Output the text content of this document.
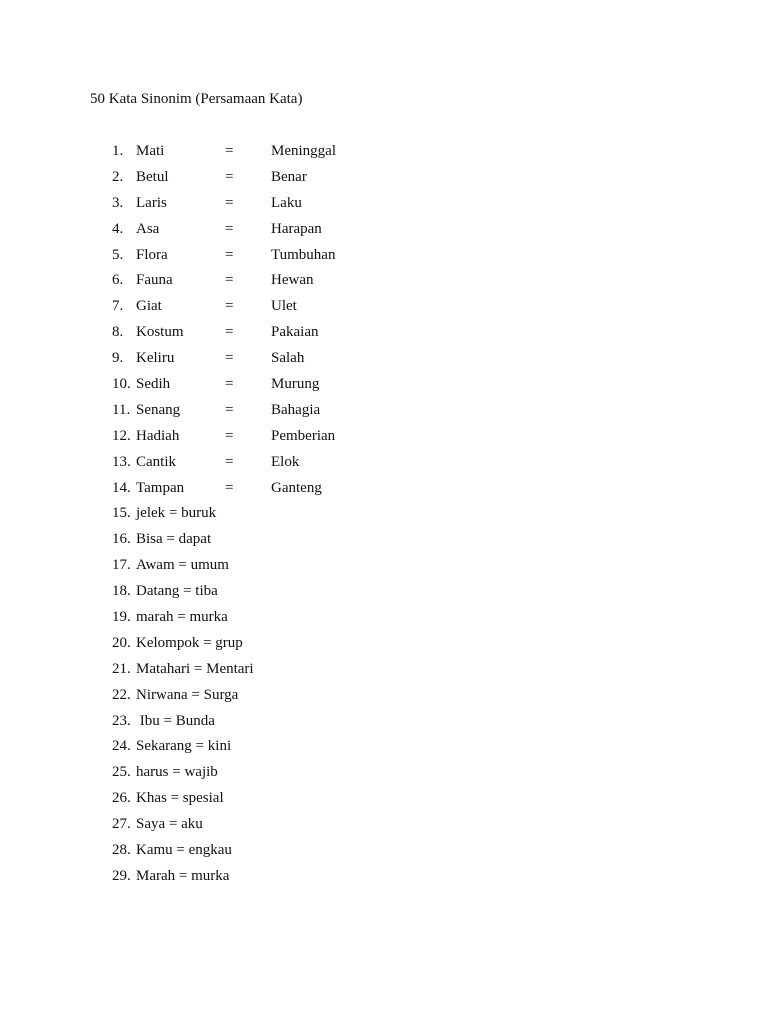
50 Kata Sinonim (Persamaan Kata)
1. Mati	=	Meninggal
2. Betul	=	Benar
3. Laris	=	Laku
4. Asa	=	Harapan
5. Flora	=	Tumbuhan
6. Fauna	=	Hewan
7. Giat	=	Ulet
8. Kostum	=	Pakaian
9. Keliru	=	Salah
10. Sedih	=	Murung
11. Senang	=	Bahagia
12. Hadiah	=	Pemberian
13. Cantik	=	Elok
14. Tampan	=	Ganteng
15. jelek = buruk
16. Bisa = dapat
17. Awam = umum
18. Datang = tiba
19. marah = murka
20. Kelompok = grup
21. Matahari = Mentari
22. Nirwana = Surga
23. Ibu = Bunda
24. Sekarang = kini
25. harus = wajib
26. Khas = spesial
27. Saya = aku
28. Kamu = engkau
29. Marah = murka
